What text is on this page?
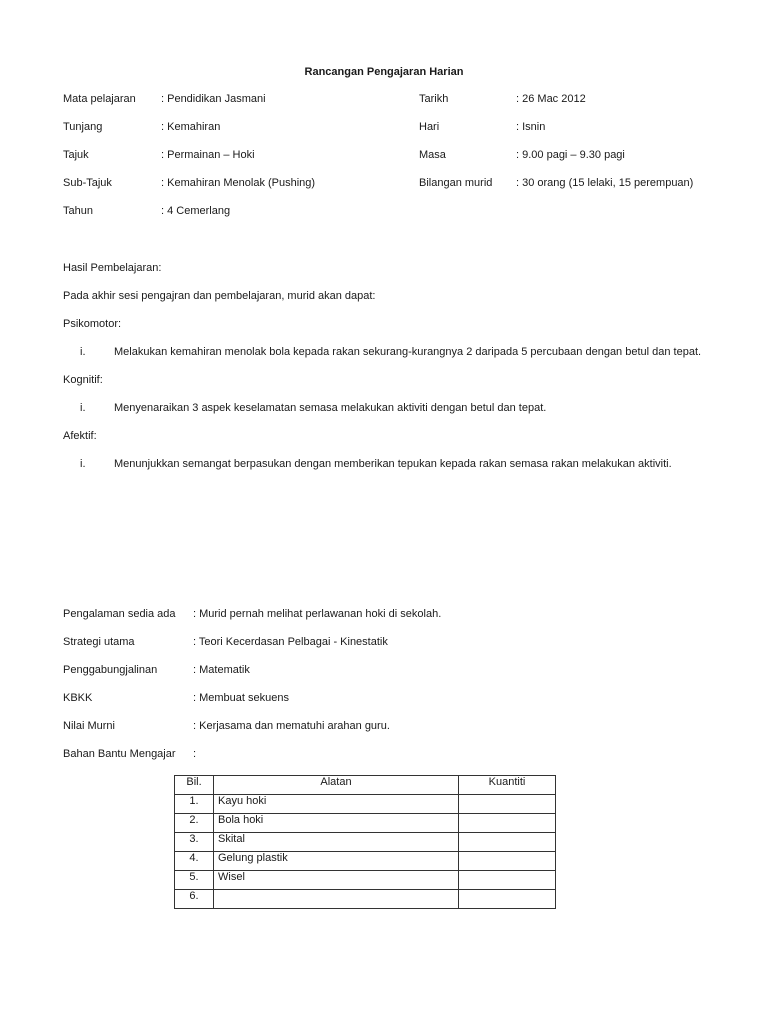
Rancangan Pengajaran Harian
Mata pelajaran : Pendidikan Jasmani
Tunjang	: Kemahiran
Tajuk	: Permainan – Hoki
Sub-Tajuk	: Kemahiran Menolak (Pushing)
Tahun	: 4 Cemerlang
Tarikh	: 26 Mac 2012
Hari	: Isnin
Masa	: 9.00 pagi – 9.30 pagi
Bilangan murid : 30 orang (15 lelaki, 15 perempuan)
Hasil Pembelajaran:
Pada akhir sesi pengajran dan pembelajaran, murid akan dapat:
Psikomotor:
i.	Melakukan kemahiran menolak bola kepada rakan sekurang-kurangnya 2 daripada 5 percubaan dengan betul dan tepat.
Kognitif:
i.	Menyenaraikan 3 aspek keselamatan semasa melakukan aktiviti dengan betul dan tepat.
Afektif:
i.	Menunjukkan semangat berpasukan dengan memberikan tepukan kepada rakan semasa rakan melakukan aktiviti.
Pengalaman sedia ada : Murid pernah melihat perlawanan hoki di sekolah.
Strategi utama	: Teori Kecerdasan Pelbagai - Kinestatik
Penggabungjalinan	: Matematik
KBKK	: Membuat sekuens
Nilai Murni	: Kerjasama dan mematuhi arahan guru.
Bahan Bantu Mengajar :
Bil.	Alatan	Kuantiti
1.	Kayu hoki	
2.	Bola hoki	
3.	Skital	
4.	Gelung plastik	
5.	Wisel	
6.		
